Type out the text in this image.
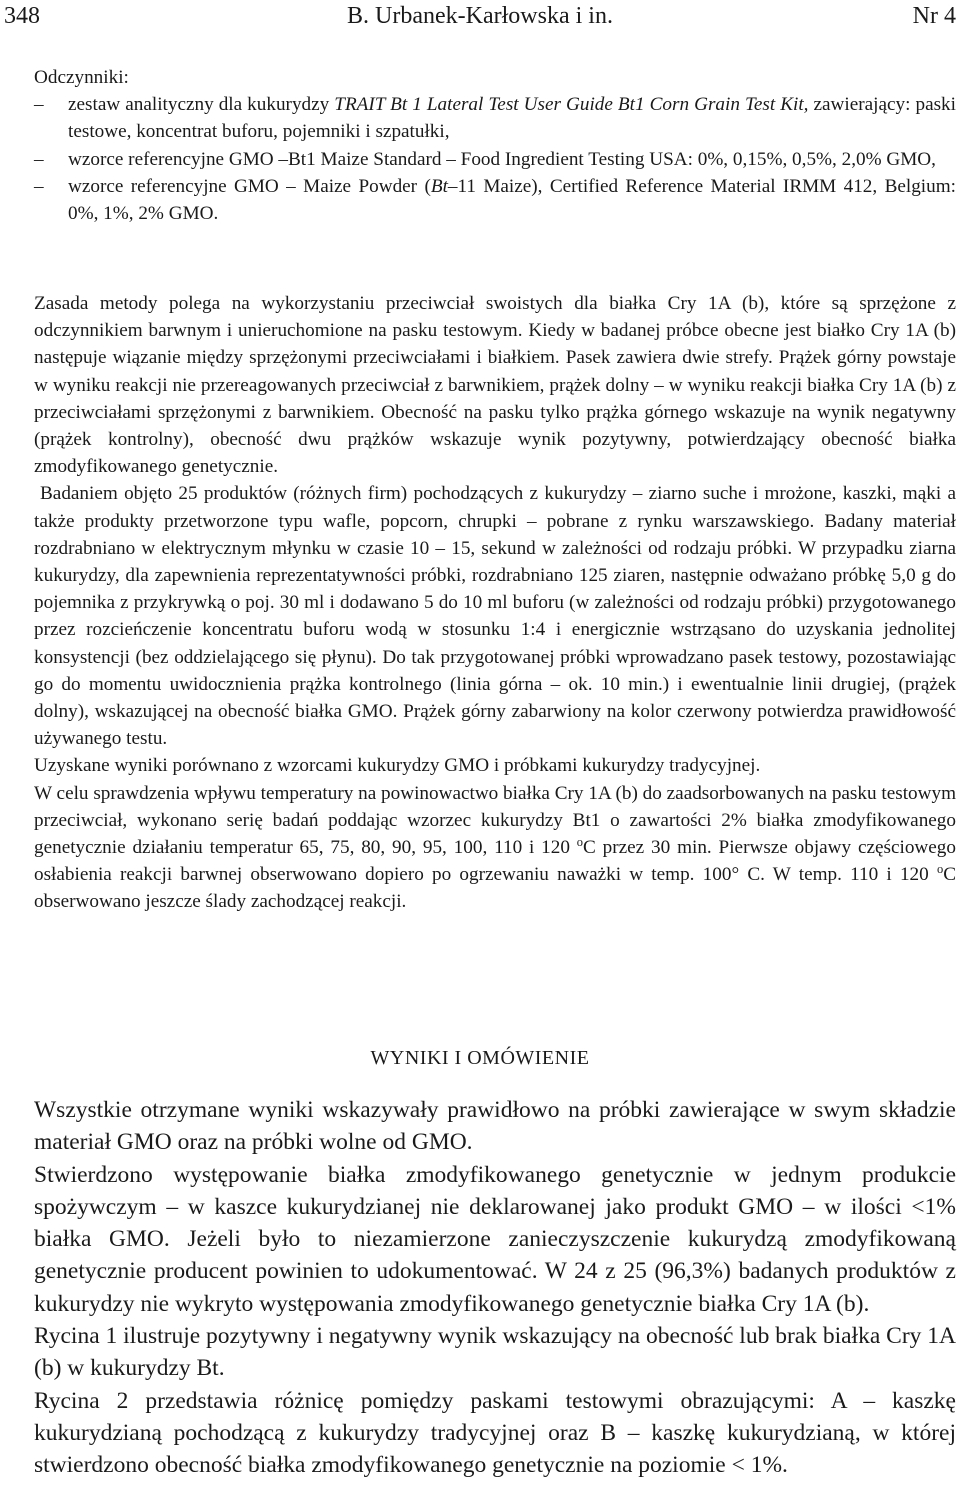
348	B. Urbanek-Karłowska i in.	Nr 4

Odczynniki:

– zestaw analityczny dla kukurydzy TRAIT Bt 1 Lateral Test User Guide Bt1 Corn Grain Test Kit, zawierający: paski testowe, koncentrat buforu, pojemniki i szpatułki,
– wzorce referencyjne GMO –Bt1 Maize Standard – Food Ingredient Testing USA: 0%, 0,15%, 0,5%, 2,0% GMO,
– wzorce referencyjne GMO – Maize Powder (Bt–11 Maize), Certified Reference Material IRMM 412, Belgium: 0%, 1%, 2% GMO.

Zasada metody polega na wykorzystaniu przeciwciał swoistych dla białka Cry 1A (b), które są sprzężone z odczynnikiem barwnym i unieruchomione na pasku testowym. Kiedy w badanej próbce obecne jest białko Cry 1A (b) następuje wiązanie między sprzężonymi przeciwciałami i białkiem. Pasek zawiera dwie strefy. Prążek górny powstaje w wyniku reakcji nie przereagowanych przeciwciał z barwnikiem, prążek dolny – w wyniku reakcji białka Cry 1A (b) z przeciwciałami sprzężonymi z barwnikiem. Obecność na pasku tylko prążka górnego wskazuje na wynik negatywny (prążek kontrolny), obecność dwu prążków wskazuje wynik pozytywny, potwierdzający obecność białka zmodyfikowanego genetycznie.

Badaniem objęto 25 produktów (różnych firm) pochodzących z kukurydzy – ziarno suche i mrożone, kaszki, mąki a także produkty przetworzone typu wafle, popcorn, chrupki – pobrane z rynku warszawskiego. Badany materiał rozdrabniano w elektrycznym młynku w czasie 10 – 15, sekund w zależności od rodzaju próbki. W przypadku ziarna kukurydzy, dla zapewnienia reprezentatywności próbki, rozdrabniano 125 ziaren, następnie odważano próbkę 5,0 g do pojemnika z przykrywką o poj. 30 ml i dodawano 5 do 10 ml buforu (w zależności od rodzaju próbki) przygotowanego przez rozcieńczenie koncentratu buforu wodą w stosunku 1:4 i energicznie wstrząsano do uzyskania jednolitej konsystencji (bez oddzielającego się płynu). Do tak przygotowanej próbki wprowadzano pasek testowy, pozostawiając go do momentu uwidocznienia prążka kontrolnego (linia górna – ok. 10 min.) i ewentualnie linii drugiej, (prążek dolny), wskazującej na obecność białka GMO. Prążek górny zabarwiony na kolor czerwony potwierdza prawidłowość używanego testu.

Uzyskane wyniki porównano z wzorcami kukurydzy GMO i próbkami kukurydzy tradycyjnej.

W celu sprawdzenia wpływu temperatury na powinowactwo białka Cry 1A (b) do zaadsorbowanych na pasku testowym przeciwciał, wykonano serię badań poddając wzorzec kukurydzy Bt1 o zawartości 2% białka zmodyfikowanego genetycznie działaniu temperatur 65, 75, 80, 90, 95, 100, 110 i 120 $^o$C przez 30 min. Pierwsze objawy częściowego osłabienia reakcji barwnej obserwowano dopiero po ogrzewaniu naważki w temp. 100° C. W temp. 110 i 120 $^o$C obserwowano jeszcze ślady zachodzącej reakcji.

WYNIKI I OMÓWIENIE

Wszystkie otrzymane wyniki wskazywały prawidłowo na próbki zawierające w swym składzie materiał GMO oraz na próbki wolne od GMO.

Stwierdzono występowanie białka zmodyfikowanego genetycznie w jednym produkcie spożywczym – w kaszce kukurydzianej nie deklarowanej jako produkt GMO – w ilości <1% białka GMO. Jeżeli było to niezamierzone zanieczyszczenie kukurydzą zmodyfikowaną genetycznie producent powinien to udokumentować. W 24 z 25 (96,3%) badanych produktów z kukurydzy nie wykryto występowania zmodyfikowanego genetycznie białka Cry 1A (b).

Rycina 1 ilustruje pozytywny i negatywny wynik wskazujący na obecność lub brak białka Cry 1A (b) w kukurydzy Bt.

Rycina 2 przedstawia różnicę pomiędzy paskami testowymi obrazującymi: A – kaszkę kukurydzianą pochodzącą z kukurydzy tradycyjnej oraz B – kaszkę kukurydzianą, w której stwierdzono obecność białka zmodyfikowanego genetycznie na poziomie < 1%.
